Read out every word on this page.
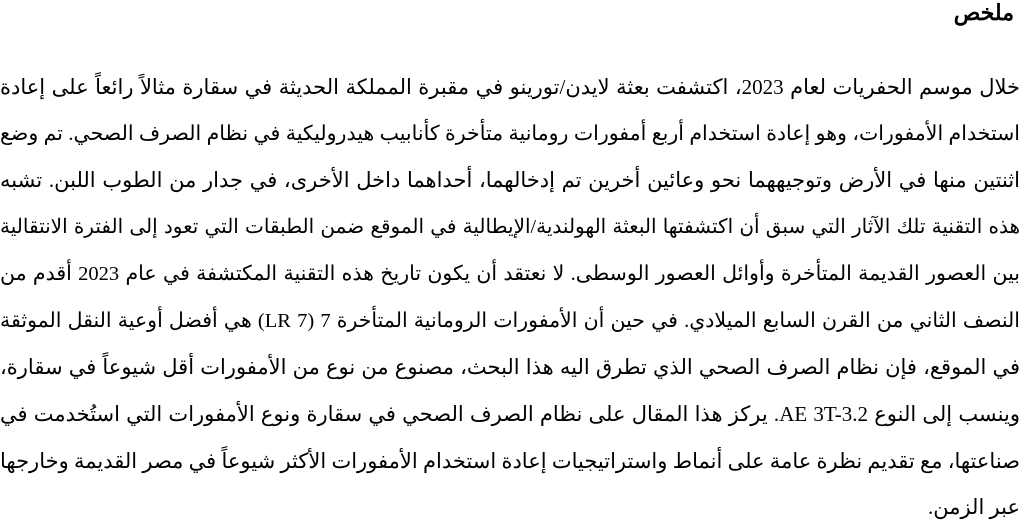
ملخص
خلال موسم الحفريات لعام 2023، اكتشفت بعثة لايدن/تورينو في مقبرة المملكة الحديثة في سقارة مثالاً رائعاً على إعادة
استخدام الأمفورات، وهو إعادة استخدام أربع أمفورات رومانية متأخرة كأنابيب هيدروليكية في نظام الصرف الصحي. تم وضع
اثنتين منها في الأرض وتوجيههما نحو وعائين أخرين تم إدخالهما، أحداهما داخل الأخرى، في جدار من الطوب اللبن. تشبه
هذه التقنية تلك الآثار التي سبق أن اكتشفتها البعثة الهولندية/الإيطالية في الموقع ضمن الطبقات التي تعود إلى الفترة الانتقالية
بين العصور القديمة المتأخرة وأوائل العصور الوسطى. لا نعتقد أن يكون تاريخ هذه التقنية المكتشفة في عام 2023 أقدم من
النصف الثاني من القرن السابع الميلادي. في حين أن الأمفورات الرومانية المتأخرة 7 (LR 7) هي أفضل أوعية النقل الموثقة
في الموقع، فإن نظام الصرف الصحي الذي تطرق اليه هذا البحث، مصنوع من نوع من الأمفورات أقل شيوعاً في سقارة،
وينسب إلى النوع AE 3T-3.2. يركز هذا المقال على نظام الصرف الصحي في سقارة ونوع الأمفورات التي استُخدمت في
صناعتها، مع تقديم نظرة عامة على أنماط واستراتيجيات إعادة استخدام الأمفورات الأكثر شيوعاً في مصر القديمة وخارجها
عبر الزمن.
